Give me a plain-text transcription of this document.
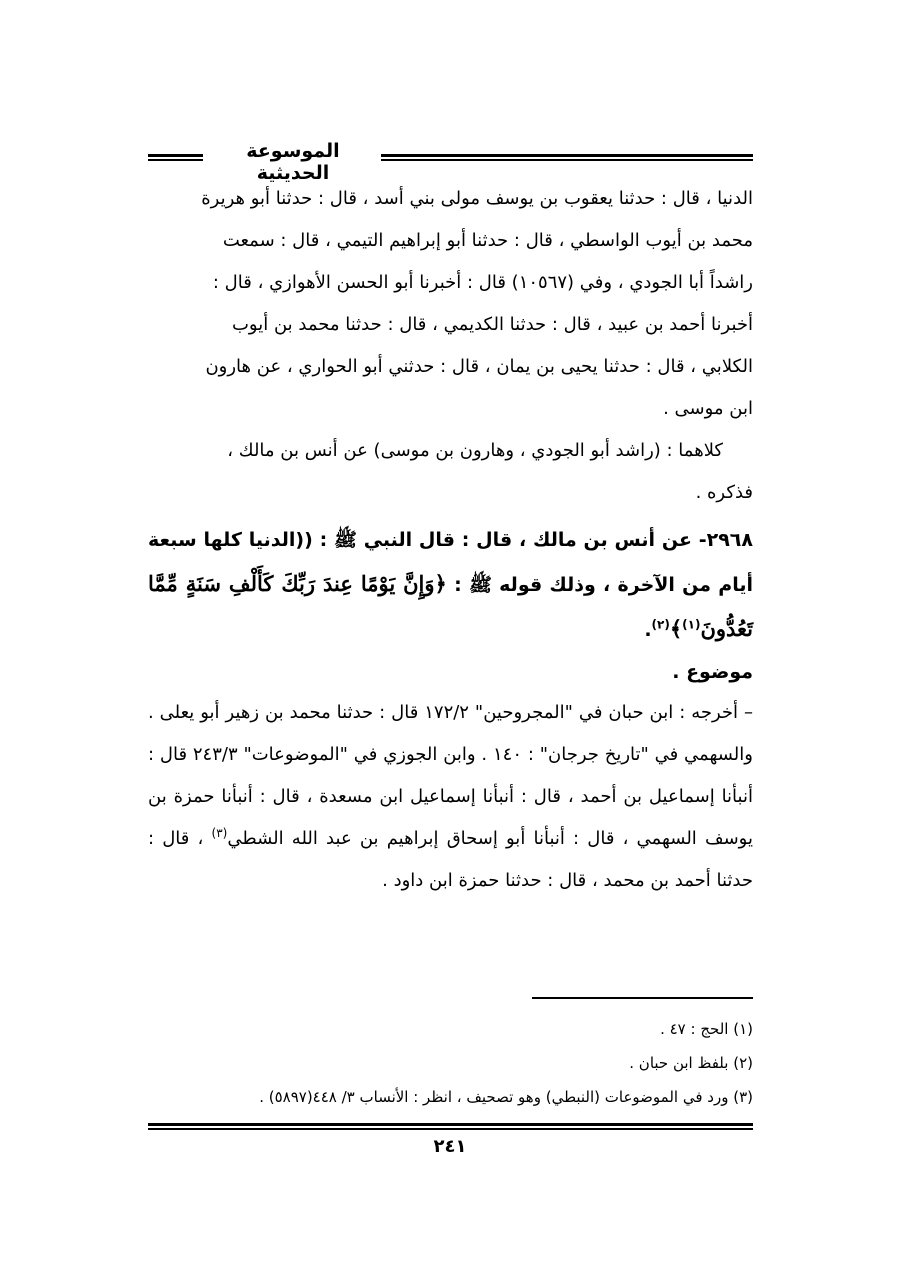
الموسوعة الحديثية

الدنيا ، قال : حدثنا يعقوب بن يوسف مولى بني أسد ، قال : حدثنا أبو هريرة

محمد بن أيوب الواسطي ، قال : حدثنا أبو إبراهيم التيمي ، قال : سمعت

راشداً أبا الجودي ، وفي (١٠٥٦٧) قال : أخبرنا أبو الحسن الأهوازي ، قال :

أخبرنا أحمد بن عبيد ، قال : حدثنا الكديمي ، قال : حدثنا محمد بن أيوب

الكلابي ، قال : حدثنا يحيى بن يمان ، قال : حدثني أبو الحواري ، عن هارون

ابن موسى .

كلاهما : (راشد أبو الجودي ، وهارون بن موسى) عن أنس بن مالك ،

فذكره .

٢٩٦٨- عن أنس بن مالك ، قال : قال النبي ﷺ : ((الدنيا كلها سبعة أيام من الآخرة ، وذلك قوله ﷺ : ﴿وَإِنَّ يَوْمًا عِندَ رَبِّكَ كَأَلْفِ سَنَةٍ مِّمَّا تَعُدُّونَ$^{(١)}$﴾$^{(٢)}$.

موضوع .

– أخرجه : ابن حبان في "المجروحين" ١٧٢/٢ قال : حدثنا محمد بن زهير أبو يعلى . والسهمي في "تاريخ جرجان" : ١٤٠ . وابن الجوزي في "الموضوعات" ٢٤٣/٣ قال : أنبأنا إسماعيل بن أحمد ، قال : أنبأنا إسماعيل ابن مسعدة ، قال : أنبأنا حمزة بن يوسف السهمي ، قال : أنبأنا أبو إسحاق إبراهيم بن عبد الله الشطي$^{(٣)}$ ، قال : حدثنا أحمد بن محمد ، قال : حدثنا حمزة ابن داود .

(١) الحج : ٤٧ .

(٢) بلفظ ابن حبان .

(٣) ورد في الموضوعات (النبطي) وهو تصحيف ، انظر : الأنساب ٣/ ٤٤٨(٥٨٩٧) .

٢٤١
